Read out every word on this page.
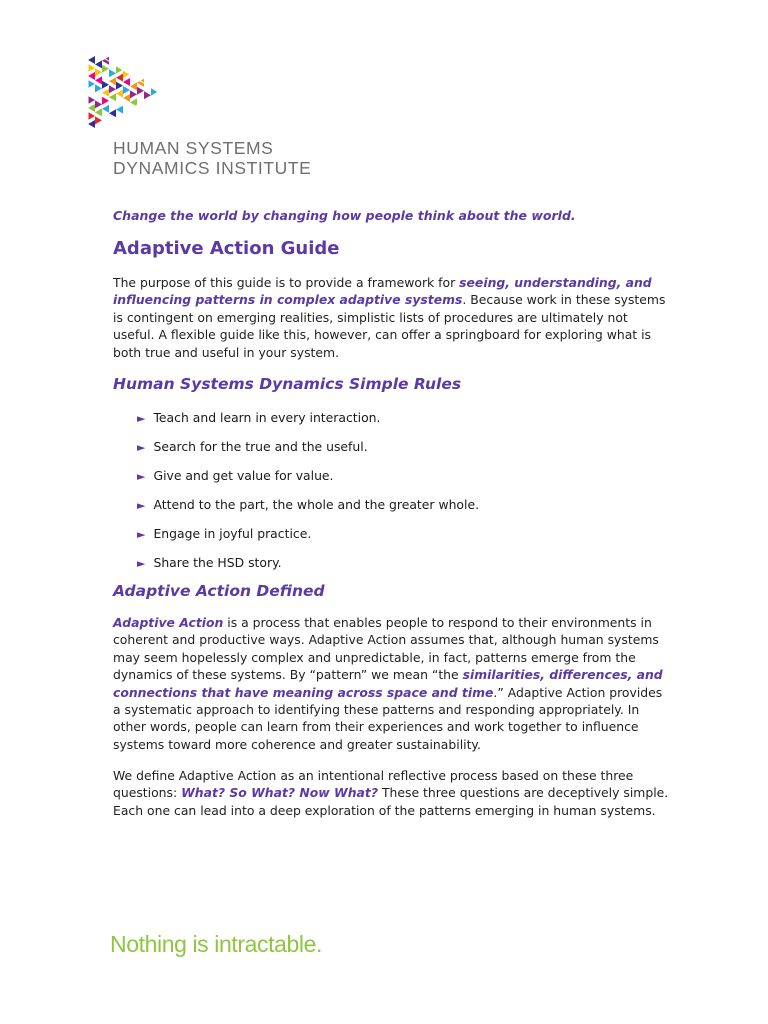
HUMAN SYSTEMS
DYNAMICS INSTITUTE
Change the world by changing how people think about the world.
Adaptive Action Guide
The purpose of this guide is to provide a framework for seeing, understanding, and influencing patterns in complex adaptive systems. Because work in these systems is contingent on emerging realities, simplistic lists of procedures are ultimately not useful. A flexible guide like this, however, can offer a springboard for exploring what is both true and useful in your system.
Human Systems Dynamics Simple Rules
► Teach and learn in every interaction.
► Search for the true and the useful.
► Give and get value for value.
► Attend to the part, the whole and the greater whole.
► Engage in joyful practice.
► Share the HSD story.
Adaptive Action Defined
Adaptive Action is a process that enables people to respond to their environments in coherent and productive ways. Adaptive Action assumes that, although human systems may seem hopelessly complex and unpredictable, in fact, patterns emerge from the dynamics of these systems. By “pattern” we mean “the similarities, differences, and connections that have meaning across space and time.” Adaptive Action provides a systematic approach to identifying these patterns and responding appropriately. In other words, people can learn from their experiences and work together to influence systems toward more coherence and greater sustainability.
We define Adaptive Action as an intentional reflective process based on these three questions: What? So What? Now What? These three questions are deceptively simple. Each one can lead into a deep exploration of the patterns emerging in human systems.
Nothing is intractable.
